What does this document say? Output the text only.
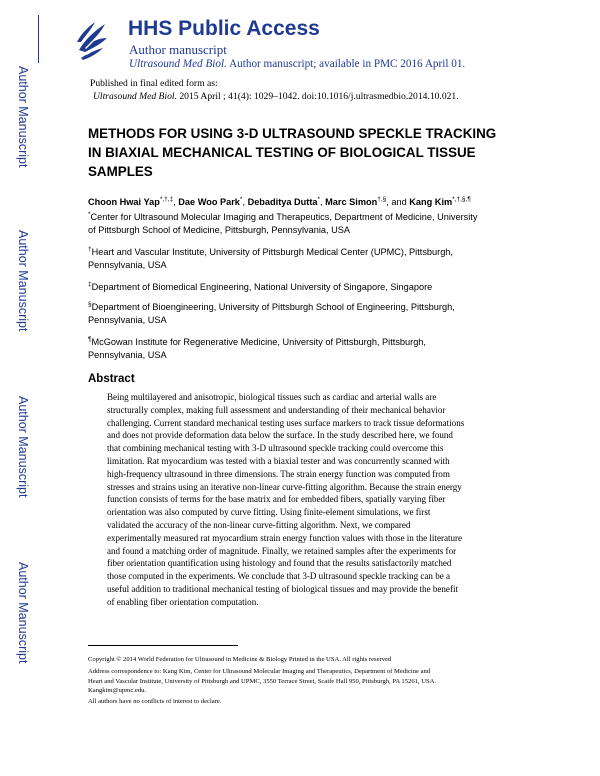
Author Manuscript
Author Manuscript
Author Manuscript
Author Manuscript
HHS Public Access
Author manuscript
Ultrasound Med Biol. Author manuscript; available in PMC 2016 April 01.
Published in final edited form as:
Ultrasound Med Biol. 2015 April ; 41(4): 1029–1042. doi:10.1016/j.ultrasmedbio.2014.10.021.
METHODS FOR USING 3-D ULTRASOUND SPECKLE TRACKING
IN BIAXIAL MECHANICAL TESTING OF BIOLOGICAL TISSUE
SAMPLES
Choon Hwai Yap*,†,‡, Dae Woo Park*, Debaditya Dutta*, Marc Simon†,§, and Kang Kim*,†,§,¶
*Center for Ultrasound Molecular Imaging and Therapeutics, Department of Medicine, University
of Pittsburgh School of Medicine, Pittsburgh, Pennsylvania, USA
†Heart and Vascular Institute, University of Pittsburgh Medical Center (UPMC), Pittsburgh,
Pennsylvania, USA
‡Department of Biomedical Engineering, National University of Singapore, Singapore
§Department of Bioengineering, University of Pittsburgh School of Engineering, Pittsburgh,
Pennsylvania, USA
¶McGowan Institute for Regenerative Medicine, University of Pittsburgh, Pittsburgh,
Pennsylvania, USA
Abstract
Being multilayered and anisotropic, biological tissues such as cardiac and arterial walls are
structurally complex, making full assessment and understanding of their mechanical behavior
challenging. Current standard mechanical testing uses surface markers to track tissue deformations
and does not provide deformation data below the surface. In the study described here, we found
that combining mechanical testing with 3-D ultrasound speckle tracking could overcome this
limitation. Rat myocardium was tested with a biaxial tester and was concurrently scanned with
high-frequency ultrasound in three dimensions. The strain energy function was computed from
stresses and strains using an iterative non-linear curve-fitting algorithm. Because the strain energy
function consists of terms for the base matrix and for embedded fibers, spatially varying fiber
orientation was also computed by curve fitting. Using finite-element simulations, we first
validated the accuracy of the non-linear curve-fitting algorithm. Next, we compared
experimentally measured rat myocardium strain energy function values with those in the literature
and found a matching order of magnitude. Finally, we retained samples after the experiments for
fiber orientation quantification using histology and found that the results satisfactorily matched
those computed in the experiments. We conclude that 3-D ultrasound speckle tracking can be a
useful addition to traditional mechanical testing of biological tissues and may provide the benefit
of enabling fiber orientation computation.
Copyright © 2014 World Federation for Ultrasound in Medicine & Biology Printed in the USA. All rights reserved
Address correspondence to: Kang Kim, Center for Ultrasound Molecular Imaging and Therapeutics, Department of Medicine and
Heart and Vascular Institute, University of Pittsburgh and UPMC, 3550 Terrace Street, Scaife Hall 950, Pittsburgh, PA 15261, USA.
Kangkim@upmc.edu.
All authors have no conflicts of interest to declare.
